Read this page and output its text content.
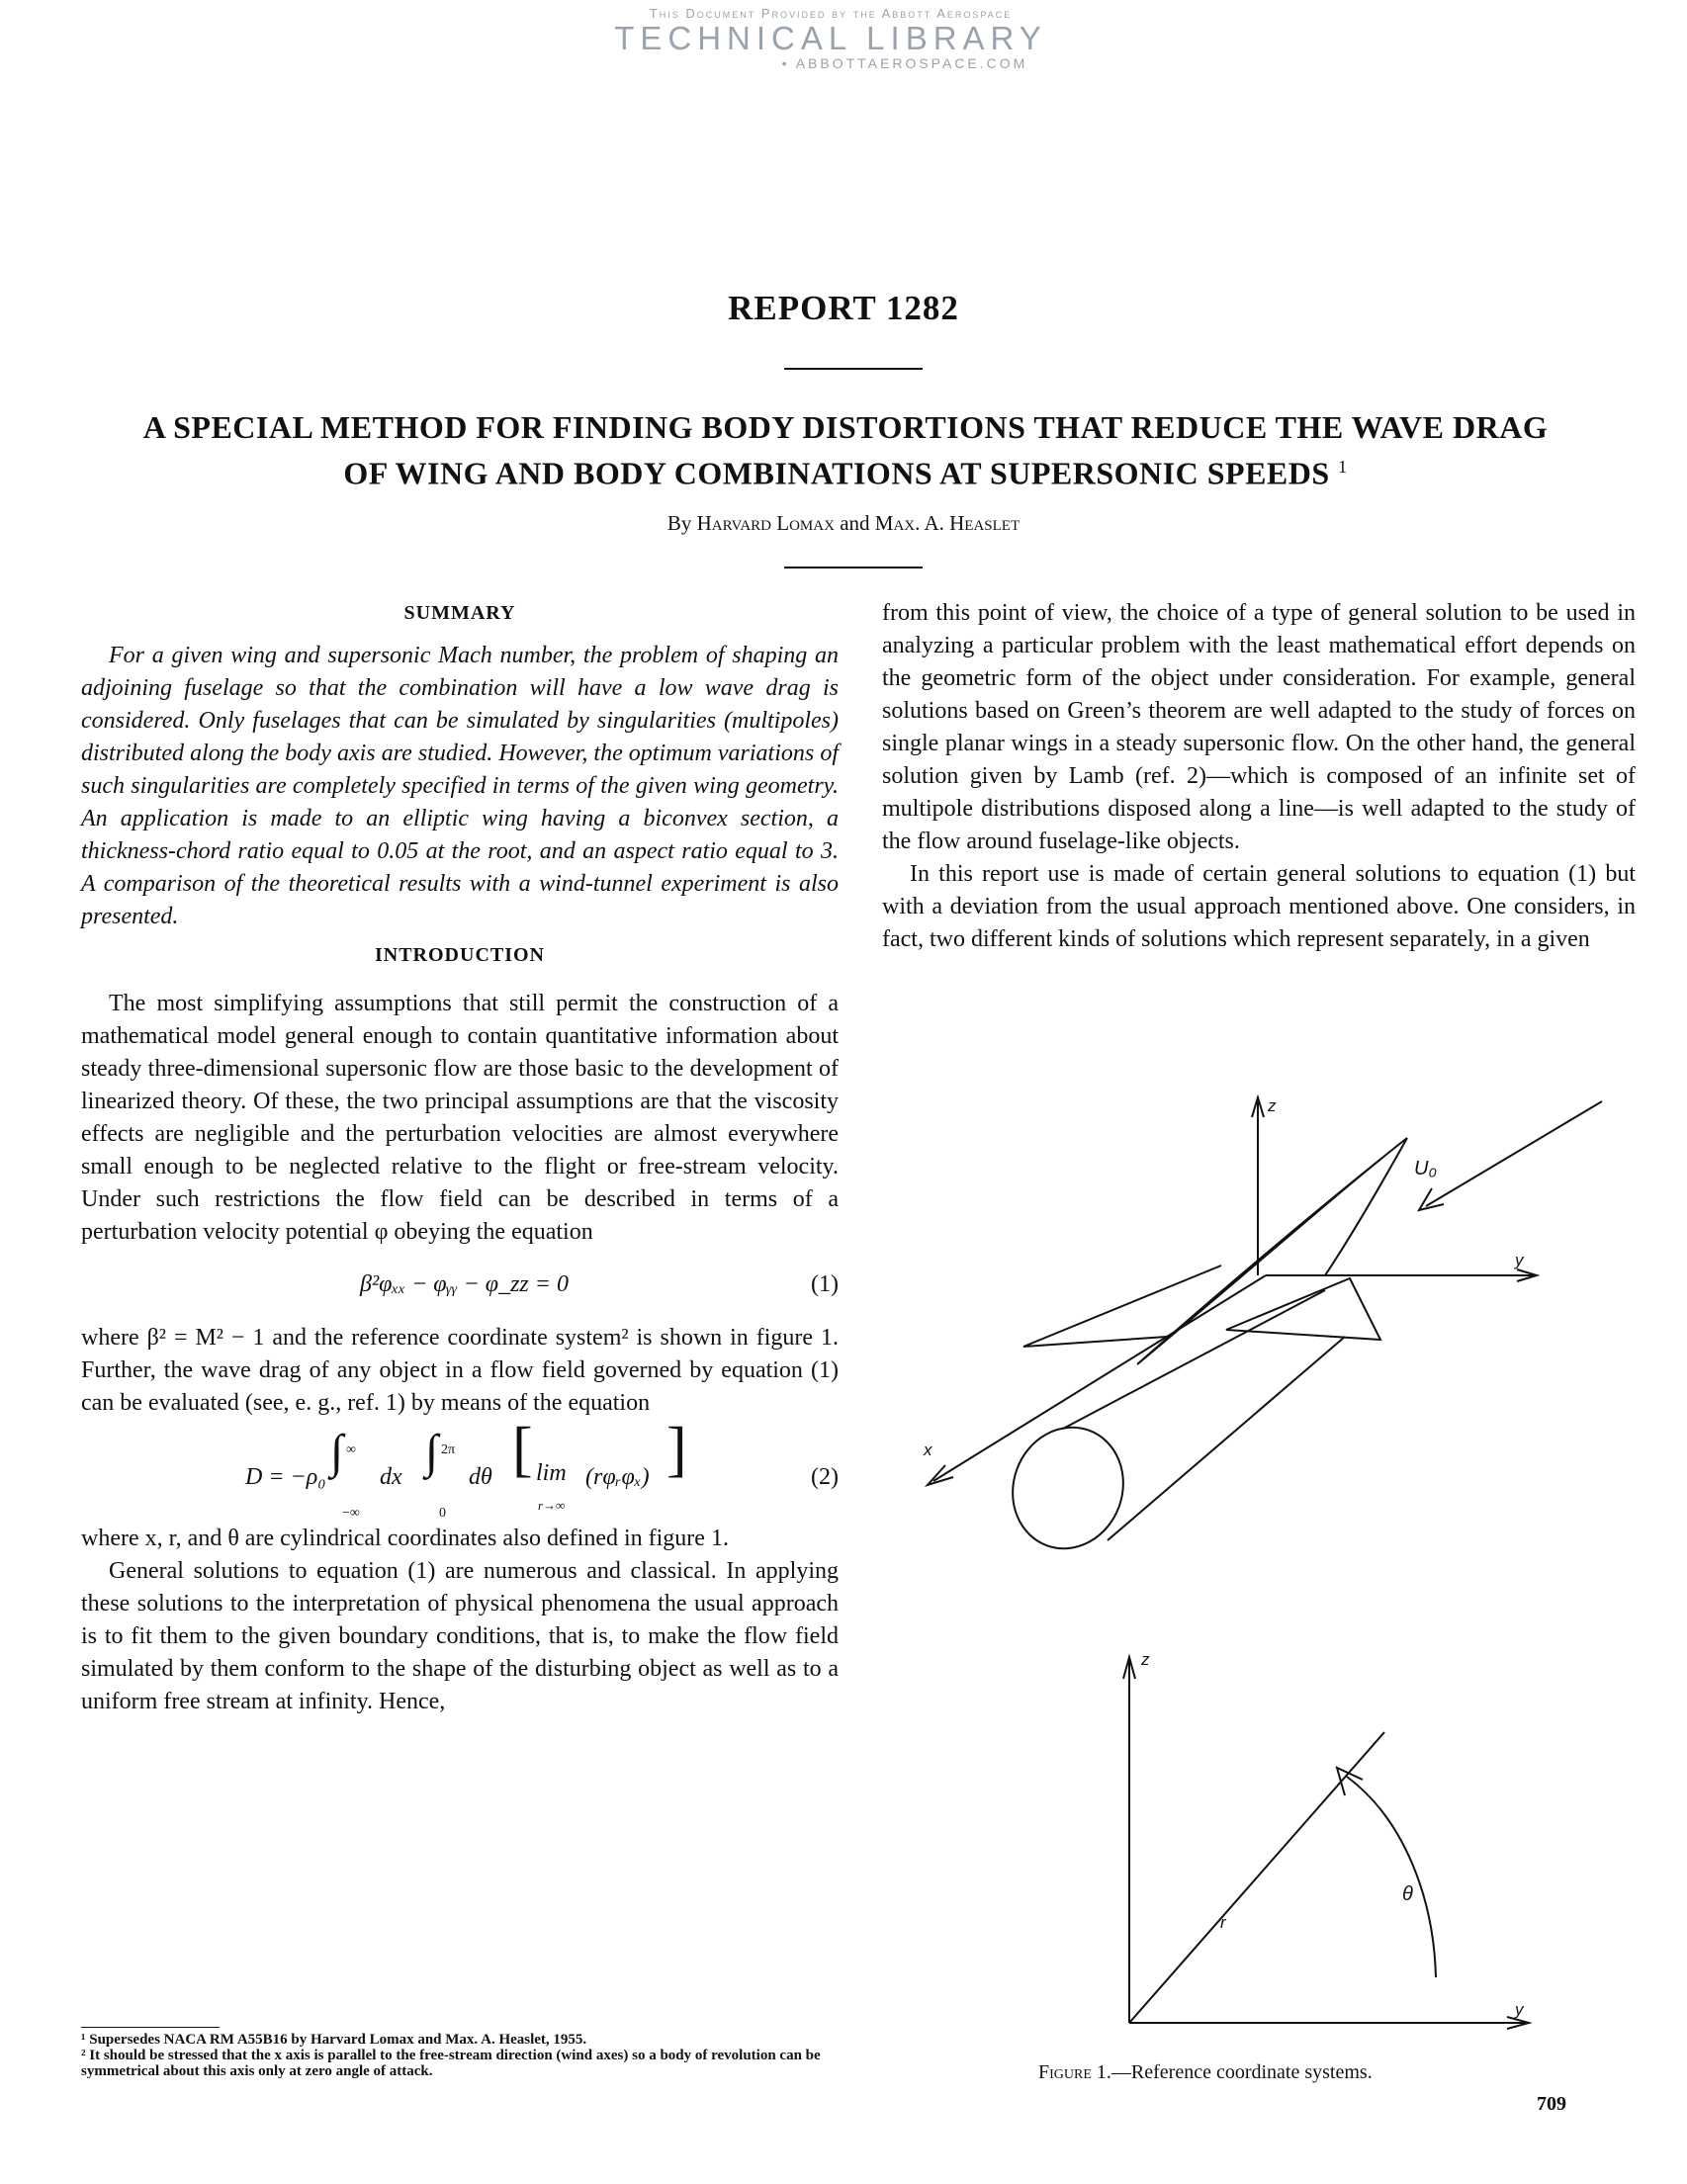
This Document Provided by the Abbott Aerospace
TECHNICAL LIBRARY
• ABBOTTAEROSPACE.COM
REPORT 1282
A SPECIAL METHOD FOR FINDING BODY DISTORTIONS THAT REDUCE THE WAVE DRAG
OF WING AND BODY COMBINATIONS AT SUPERSONIC SPEEDS $^1$
By Harvard Lomax and Max. A. Heaslet
SUMMARY

For a given wing and supersonic Mach number, the problem of shaping an adjoining fuselage so that the combination will have a low wave drag is considered. Only fuselages that can be simulated by singularities (multipoles) distributed along the body axis are studied. However, the optimum variations of such singularities are completely specified in terms of the given wing geometry. An application is made to an elliptic wing having a biconvex section, a thickness-chord ratio equal to 0.05 at the root, and an aspect ratio equal to 3. A comparison of the theoretical results with a wind-tunnel experiment is also presented.

INTRODUCTION

The most simplifying assumptions that still permit the construction of a mathematical model general enough to contain quantitative information about steady three-dimensional supersonic flow are those basic to the development of linearized theory. Of these, the two principal assumptions are that the viscosity effects are negligible and the perturbation velocities are almost everywhere small enough to be neglected relative to the flight or free-stream velocity. Under such restrictions the flow field can be described in terms of a perturbation velocity potential φ obeying the equation

β²φₓₓ − φᵧᵧ − φ_zz = 0	(1)

where β² = M² − 1 and the reference coordinate system² is shown in figure 1. Further, the wave drag of any object in a flow field governed by equation (1) can be evaluated (see, e. g., ref. 1) by means of the equation

D = −ρ₀ ∫ ∞
−∞
dx ∫ 2π
0
dθ [ lim
r→∞
(rφᵣφₓ) ]	(2)

where x, r, and θ are cylindrical coordinates also defined in figure 1.

General solutions to equation (1) are numerous and classical. In applying these solutions to the interpretation of physical phenomena the usual approach is to fit them to the given boundary conditions, that is, to make the flow field simulated by them conform to the shape of the disturbing object as well as to a uniform free stream at infinity. Hence,

¹ Supersedes NACA RM A55B16 by Harvard Lomax and Max. A. Heaslet, 1955.

² It should be stressed that the x axis is parallel to the free-stream direction (wind axes) so a body of revolution can be symmetrical about this axis only at zero angle of attack.

from this point of view, the choice of a type of general solution to be used in analyzing a particular problem with the least mathematical effort depends on the geometric form of the object under consideration. For example, general solutions based on Green’s theorem are well adapted to the study of forces on single planar wings in a steady supersonic flow. On the other hand, the general solution given by Lamb (ref. 2)—which is composed of an infinite set of multipole distributions disposed along a line—is well adapted to the study of the flow around fuselage-like objects.

In this report use is made of certain general solutions to equation (1) but with a deviation from the usual approach mentioned above. One considers, in fact, two different kinds of solutions which represent separately, in a given

z
y
x
U₀
z
y
r
θ
Figure 1.—Reference coordinate systems.
709
